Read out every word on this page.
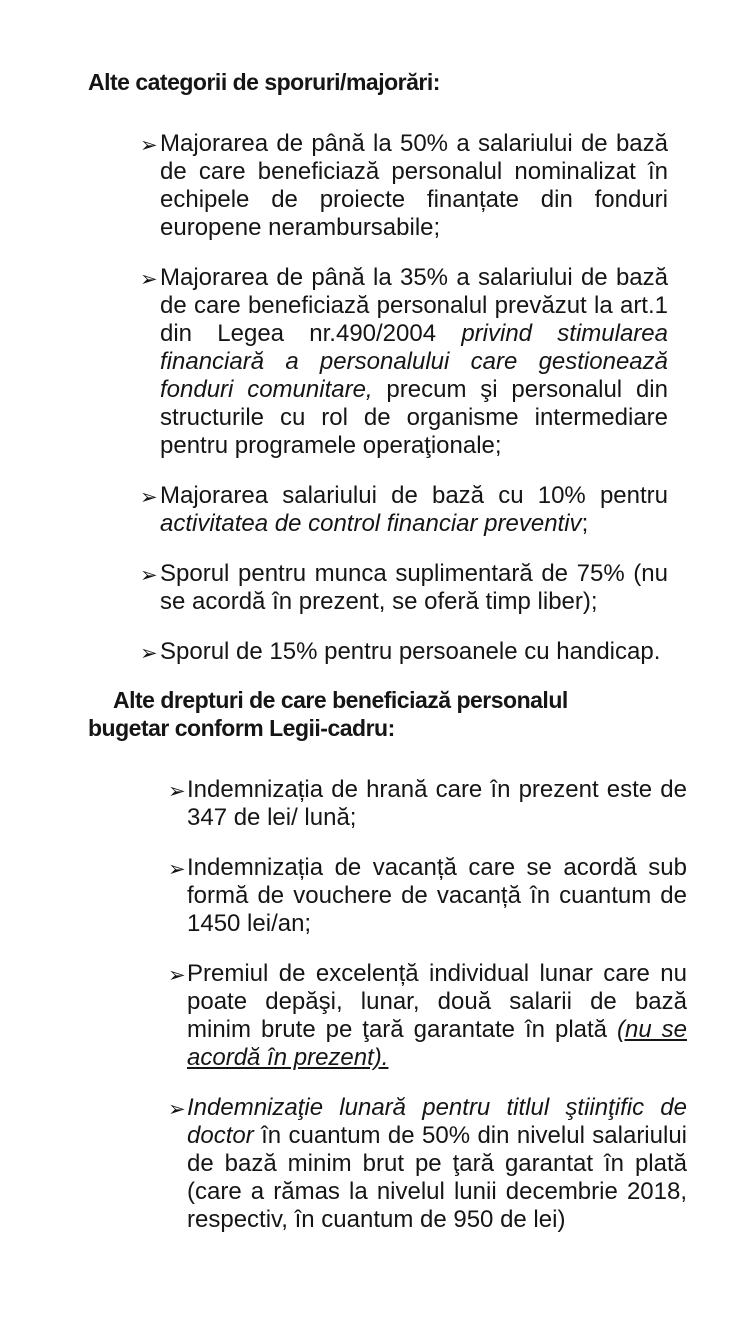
Alte categorii de sporuri/majorări:
➢ Majorarea de până la 50% a salariului de bază de care beneficiază personalul nominalizat în echipele de proiecte finanțate din fonduri europene nerambursabile;
➢ Majorarea de până la 35% a salariului de bază de care beneficiază personalul prevăzut la art.1 din Legea nr.490/2004 privind stimularea financiară a personalului care gestionează fonduri comunitare, precum şi personalul din structurile cu rol de organisme intermediare pentru programele operaţionale;
➢ Majorarea salariului de bază cu 10% pentru activitatea de control financiar preventiv;
➢ Sporul pentru munca suplimentară de 75% (nu se acordă în prezent, se oferă timp liber);
➢ Sporul de 15% pentru persoanele cu handicap.
Alte drepturi de care beneficiază personalul bugetar conform Legii-cadru:
➢ Indemnizația de hrană care în prezent este de 347 de lei/ lună;
➢ Indemnizația de vacanță care se acordă sub formă de vouchere de vacanță în cuantum de 1450 lei/an;
➢ Premiul de excelență individual lunar care nu poate depăşi, lunar, două salarii de bază minim brute pe ţară garantate în plată (nu se acordă în prezent).
➢ Indemnizaţie lunară pentru titlul ştiinţific de doctor în cuantum de 50% din nivelul salariului de bază minim brut pe ţară garantat în plată (care a rămas la nivelul lunii decembrie 2018, respectiv, în cuantum de 950 de lei)
